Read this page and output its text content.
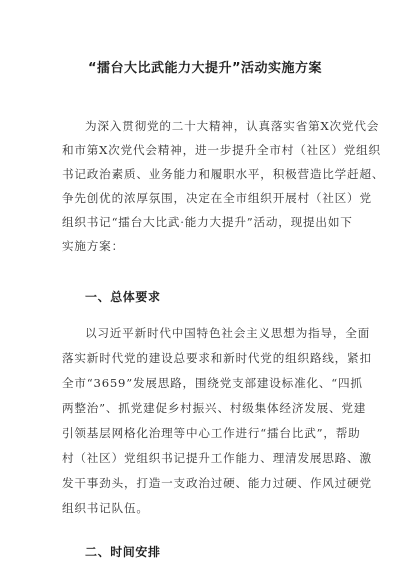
“擂台大比武能力大提升”活动实施方案
为深入贯彻党的二十大精神，认真落实省第X次党代会
和市第X次党代会精神，进一步提升全市村（社区）党组织
书记政治素质、业务能力和履职水平，积极营造比学赶超、
争先创优的浓厚氛围，决定在全市组织开展村（社区）党
组织书记“擂台大比武·能力大提升”活动，现提出如下
实施方案：
一、总体要求
以习近平新时代中国特色社会主义思想为指导，全面
落实新时代党的建设总要求和新时代党的组织路线，紧扣
全市“3659”发展思路，围绕党支部建设标准化、“四抓
两整治”、抓党建促乡村振兴、村级集体经济发展、党建
引领基层网格化治理等中心工作进行“擂台比武”，帮助
村（社区）党组织书记提升工作能力、理清发展思路、激
发干事劲头，打造一支政治过硬、能力过硬、作风过硬党
组织书记队伍。
二、时间安排
